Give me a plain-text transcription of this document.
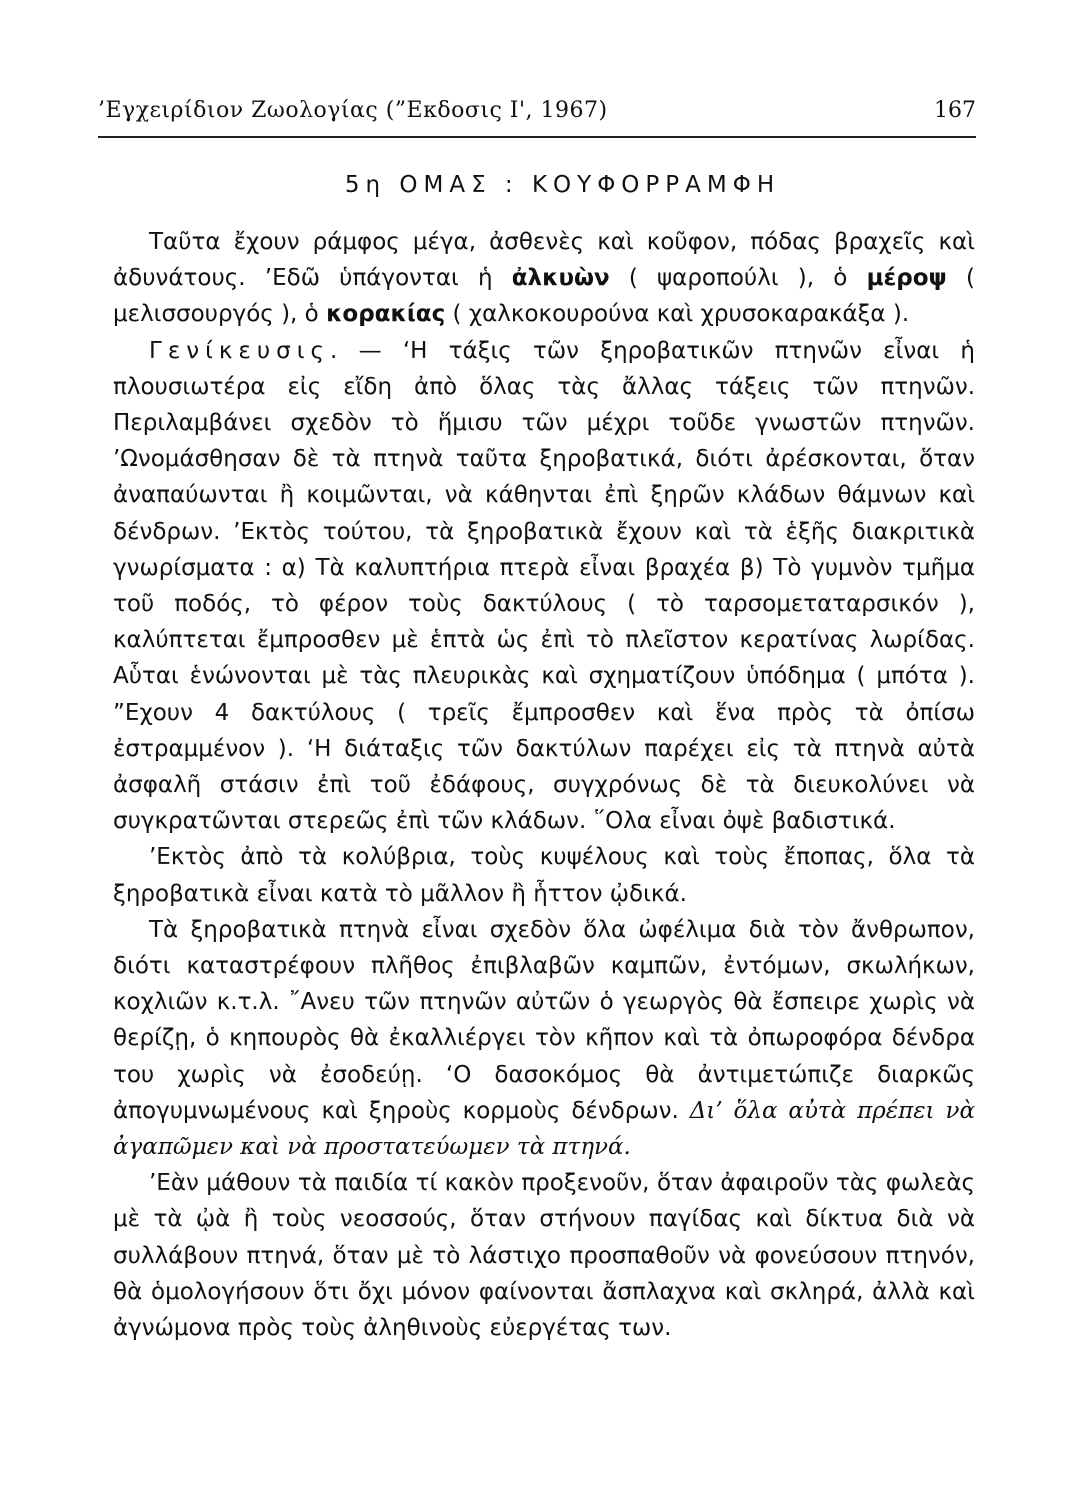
’Εγχειρίδιον Ζωολογίας (”Εκδοσις Ι', 1967)	167
5η ΟΜΑΣ : ΚΟΥΦΟΡΡΑΜΦΗ

Ταῦτα ἔχουν ράμφος μέγα, ἀσθενὲς καὶ κοῦφον, πόδας βραχεῖς καὶ ἀδυνάτους. ’Εδῶ ὑπάγονται ἡ ἀλκυὼν ( ψαροπούλι ), ὁ μέροψ ( μελισσουργός ), ὁ κορακίας ( χαλκοκουρούνα καὶ χρυσοκαρακάξα ).

Γενίκευσις. — ‘Η τάξις τῶν ξηροβατικῶν πτηνῶν εἶναι ἡ πλουσιωτέρα εἰς εἴδη ἀπὸ ὅλας τὰς ἄλλας τάξεις τῶν πτηνῶν. Περιλαμβάνει σχεδὸν τὸ ἥμισυ τῶν μέχρι τοῦδε γνωστῶν πτηνῶν. ’Ωνομάσθησαν δὲ τὰ πτηνὰ ταῦτα ξηροβατικά, διότι ἀρέσκονται, ὅταν ἀναπαύωνται ἢ κοιμῶνται, νὰ κάθηνται ἐπὶ ξηρῶν κλάδων θάμνων καὶ δένδρων. ’Εκτὸς τούτου, τὰ ξηροβατικὰ ἔχουν καὶ τὰ ἑξῆς διακριτικὰ γνωρίσματα : α) Τὰ καλυπτήρια πτερὰ εἶναι βραχέα β) Τὸ γυμνὸν τμῆμα τοῦ ποδός, τὸ φέρον τοὺς δακτύλους ( τὸ ταρσομεταταρσικόν ), καλύπτεται ἔμπροσθεν μὲ ἑπτὰ ὡς ἐπὶ τὸ πλεῖστον κερατίνας λωρίδας. Αὗται ἑνώνονται μὲ τὰς πλευρικὰς καὶ σχηματίζουν ὑπόδημα ( μπότα ). ”Εχουν 4 δακτύλους ( τρεῖς ἔμπροσθεν καὶ ἕνα πρὸς τὰ ὀπίσω ἐστραμμένον ). ‘Η διάταξις τῶν δακτύλων παρέχει εἰς τὰ πτηνὰ αὐτὰ ἀσφαλῆ στάσιν ἐπὶ τοῦ ἐδάφους, συγχρόνως δὲ τὰ διευκολύνει νὰ συγκρατῶνται στερεῶς ἐπὶ τῶν κλάδων. ῞Ολα εἶναι ὀψὲ βαδιστικά.

’Εκτὸς ἀπὸ τὰ κολύβρια, τοὺς κυψέλους καὶ τοὺς ἔποπας, ὅλα τὰ ξηροβατικὰ εἶναι κατὰ τὸ μᾶλλον ἢ ἧττον ᾠδικά.

Τὰ ξηροβατικὰ πτηνὰ εἶναι σχεδὸν ὅλα ὠφέλιμα διὰ τὸν ἄνθρωπον, διότι καταστρέφουν πλῆθος ἐπιβλαβῶν καμπῶν, ἐντόμων, σκωλήκων, κοχλιῶν κ.τ.λ. ῎Ανευ τῶν πτηνῶν αὐτῶν ὁ γεωργὸς θὰ ἔσπειρε χωρὶς νὰ θερίζῃ, ὁ κηπουρὸς θὰ ἐκαλλιέργει τὸν κῆπον καὶ τὰ ὀπωροφόρα δένδρα του χωρὶς νὰ ἐσοδεύῃ. ‘Ο δασοκόμος θὰ ἀντιμετώπιζε διαρκῶς ἀπογυμνωμένους καὶ ξηροὺς κορμοὺς δένδρων. Δι’ ὅλα αὐτὰ πρέπει νὰ ἀγαπῶμεν καὶ νὰ προστατεύωμεν τὰ πτηνά.

’Εὰν μάθουν τὰ παιδία τί κακὸν προξενοῦν, ὅταν ἀφαιροῦν τὰς φωλεὰς μὲ τὰ ᾠὰ ἢ τοὺς νεοσσούς, ὅταν στήνουν παγίδας καὶ δίκτυα διὰ νὰ συλλάβουν πτηνά, ὅταν μὲ τὸ λάστιχο προσπαθοῦν νὰ φονεύσουν πτηνόν, θὰ ὁμολογήσουν ὅτι ὄχι μόνον φαίνονται ἄσπλαχνα καὶ σκληρά, ἀλλὰ καὶ ἀγνώμονα πρὸς τοὺς ἀληθινοὺς εὐεργέτας των.
